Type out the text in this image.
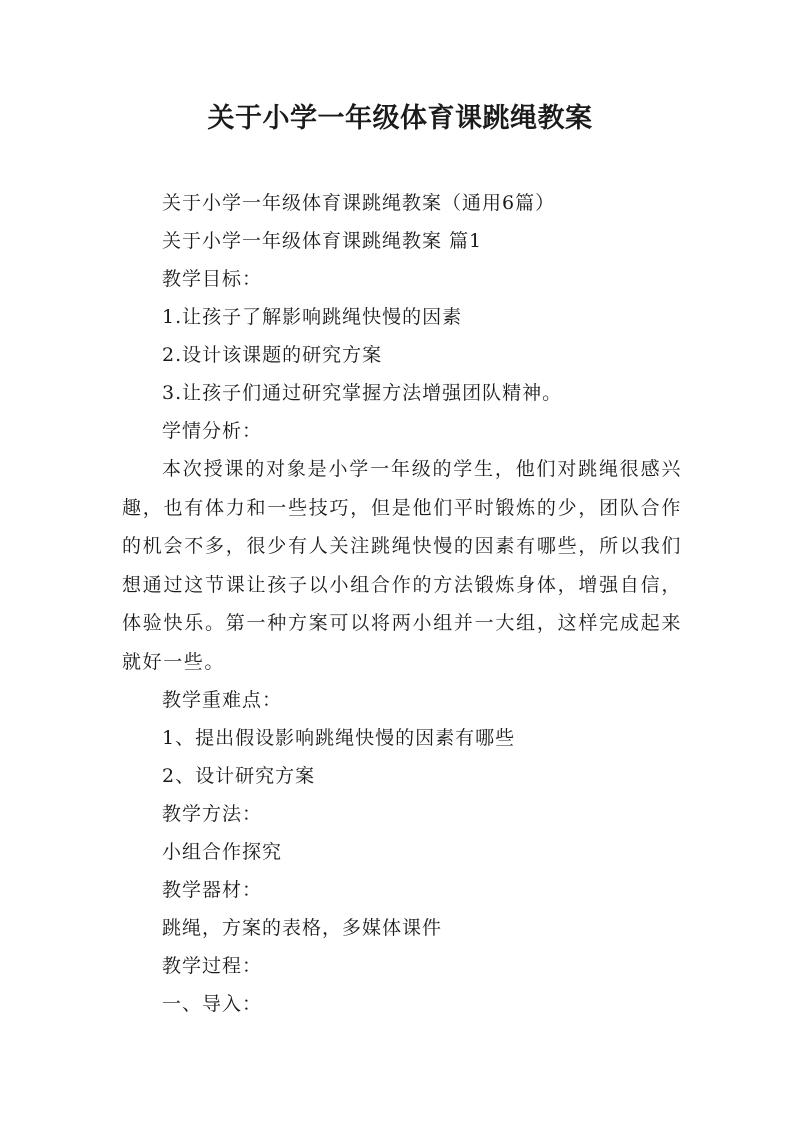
关于小学一年级体育课跳绳教案
关于小学一年级体育课跳绳教案（通用6篇）
关于小学一年级体育课跳绳教案 篇1
教学目标：
1.让孩子了解影响跳绳快慢的因素
2.设计该课题的研究方案
3.让孩子们通过研究掌握方法增强团队精神。
学情分析：

本次授课的对象是小学一年级的学生，他们对跳绳很感兴趣，也有体力和一些技巧，但是他们平时锻炼的少，团队合作的机会不多，很少有人关注跳绳快慢的因素有哪些，所以我们想通过这节课让孩子以小组合作的方法锻炼身体，增强自信，体验快乐。第一种方案可以将两小组并一大组，这样完成起来就好一些。

教学重难点：
1、提出假设影响跳绳快慢的因素有哪些
2、设计研究方案
教学方法：
小组合作探究
教学器材：
跳绳，方案的表格，多媒体课件
教学过程：
一、导入：
